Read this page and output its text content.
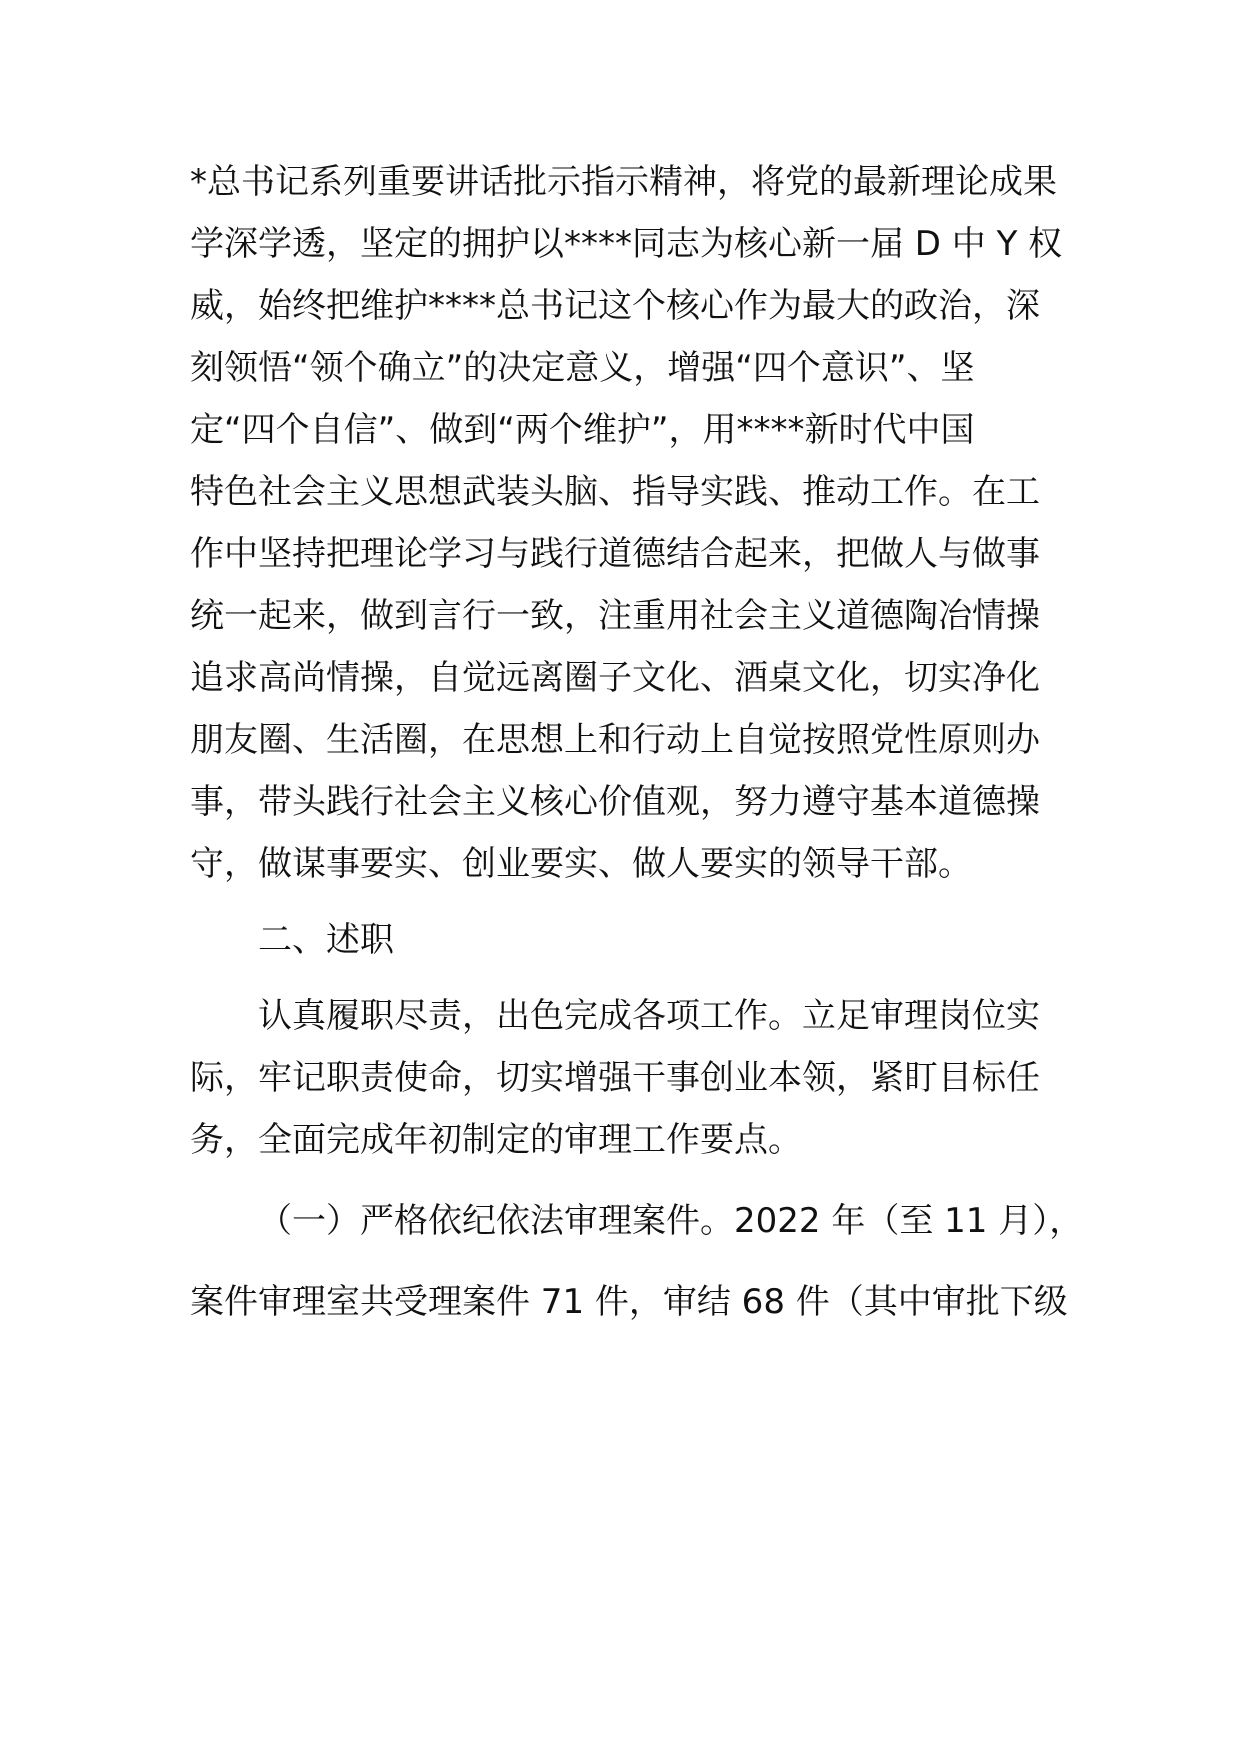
*总书记系列重要讲话批示指示精神，将党的最新理论成果
学深学透，坚定的拥护以****同志为核心新一届 D 中 Y 权
威，始终把维护****总书记这个核心作为最大的政治，深
刻领悟“领个确立”的决定意义，增强“四个意识”、坚
定“四个自信”、做到“两个维护”，用****新时代中国
特色社会主义思想武装头脑、指导实践、推动工作。在工
作中坚持把理论学习与践行道德结合起来，把做人与做事
统一起来，做到言行一致，注重用社会主义道德陶冶情操
追求高尚情操，自觉远离圈子文化、酒桌文化，切实净化
朋友圈、生活圈，在思想上和行动上自觉按照党性原则办
事，带头践行社会主义核心价值观，努力遵守基本道德操
守，做谋事要实、创业要实、做人要实的领导干部。
二、述职
认真履职尽责，出色完成各项工作。立足审理岗位实
际，牢记职责使命，切实增强干事创业本领，紧盯目标任
务，全面完成年初制定的审理工作要点。
（一）严格依纪依法审理案件。2022 年（至 11 月），
案件审理室共受理案件 71 件，审结 68 件（其中审批下级
